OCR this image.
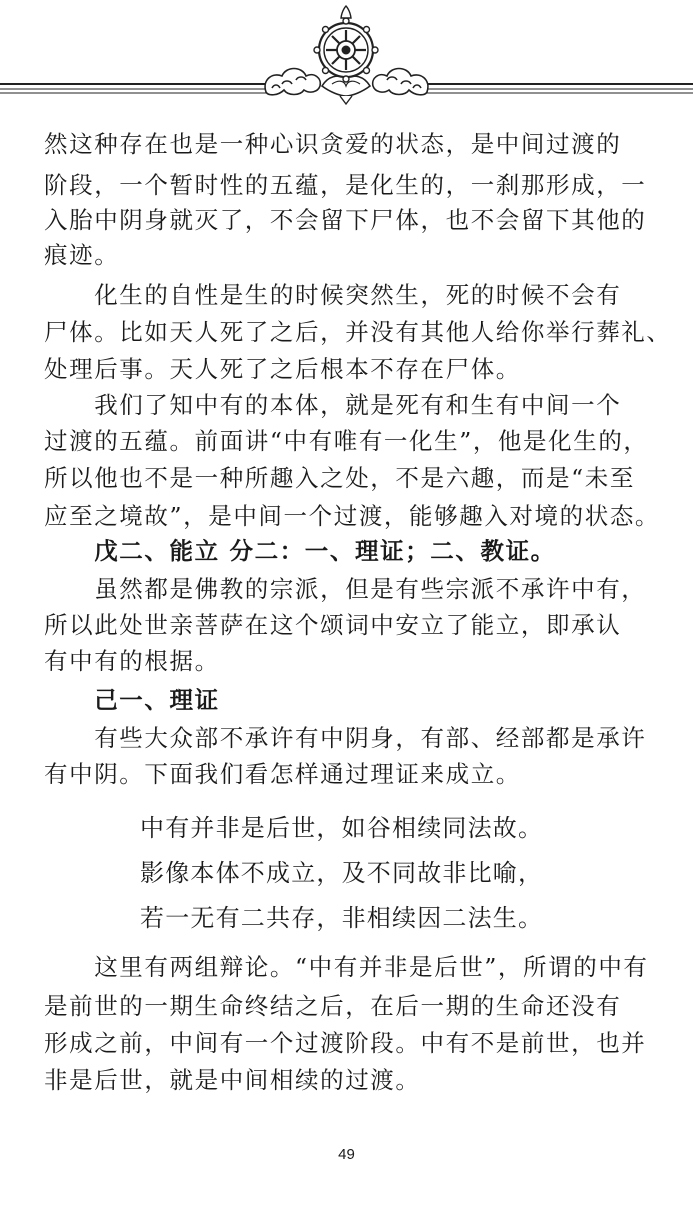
然这种存在也是一种心识贪爱的状态，是中间过渡的
阶段，一个暂时性的五蕴，是化生的，一刹那形成，一
入胎中阴身就灭了，不会留下尸体，也不会留下其他的
痕迹。
　　化生的自性是生的时候突然生，死的时候不会有
尸体。比如天人死了之后，并没有其他人给你举行葬礼、
处理后事。天人死了之后根本不存在尸体。
　　我们了知中有的本体，就是死有和生有中间一个
过渡的五蕴。前面讲“中有唯有一化生”，他是化生的，
所以他也不是一种所趣入之处，不是六趣，而是“未至
应至之境故”，是中间一个过渡，能够趣入对境的状态。
　　戊二、能立 分二：一、理证；二、教证。
　　虽然都是佛教的宗派，但是有些宗派不承许中有，
所以此处世亲菩萨在这个颂词中安立了能立，即承认
有中有的根据。
　　己一、理证
　　有些大众部不承许有中阴身，有部、经部都是承许
有中阴。下面我们看怎样通过理证来成立。
中有并非是后世，如谷相续同法故。
影像本体不成立，及不同故非比喻，
若一无有二共存，非相续因二法生。
　　这里有两组辩论。“中有并非是后世”，所谓的中有
是前世的一期生命终结之后，在后一期的生命还没有
形成之前，中间有一个过渡阶段。中有不是前世，也并
非是后世，就是中间相续的过渡。
49
